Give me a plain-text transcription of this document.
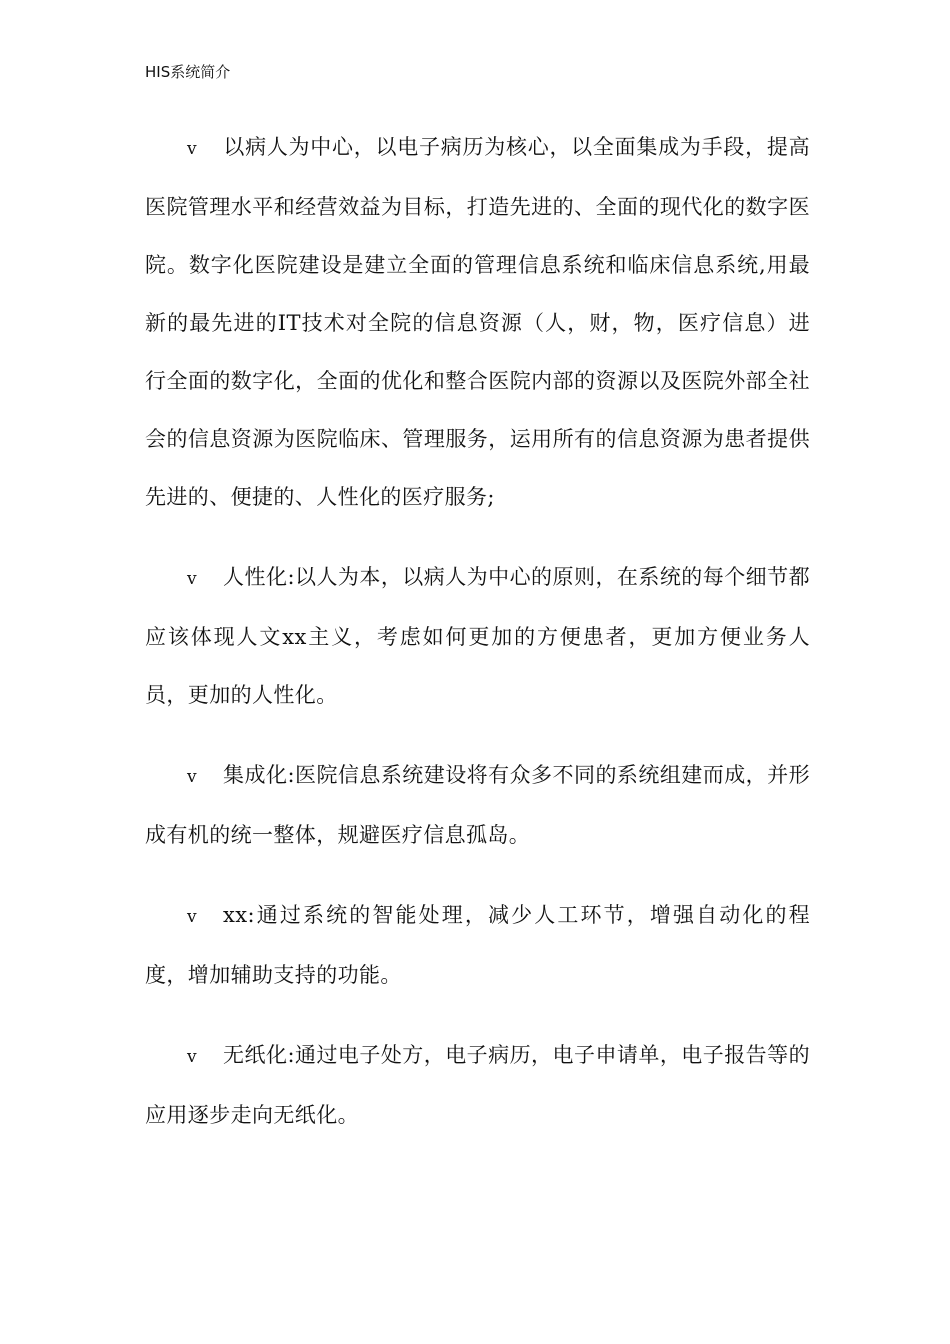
HIS系统简介

v 以病人为中心，以电子病历为核心，以全面集成为手段，提高医院管理水平和经营效益为目标，打造先进的、全面的现代化的数字医院。数字化医院建设是建立全面的管理信息系统和临床信息系统,用最新的最先进的IT技术对全院的信息资源（人，财，物，医疗信息）进行全面的数字化，全面的优化和整合医院内部的资源以及医院外部全社会的信息资源为医院临床、管理服务，运用所有的信息资源为患者提供先进的、便捷的、人性化的医疗服务;

v 人性化:以人为本，以病人为中心的原则，在系统的每个细节都应该体现人文xx主义，考虑如何更加的方便患者，更加方便业务人员，更加的人性化。

v 集成化:医院信息系统建设将有众多不同的系统组建而成，并形成有机的统一整体，规避医疗信息孤岛。

v xx:通过系统的智能处理，减少人工环节，增强自动化的程度，增加辅助支持的功能。

v 无纸化:通过电子处方，电子病历，电子申请单，电子报告等的应用逐步走向无纸化。
